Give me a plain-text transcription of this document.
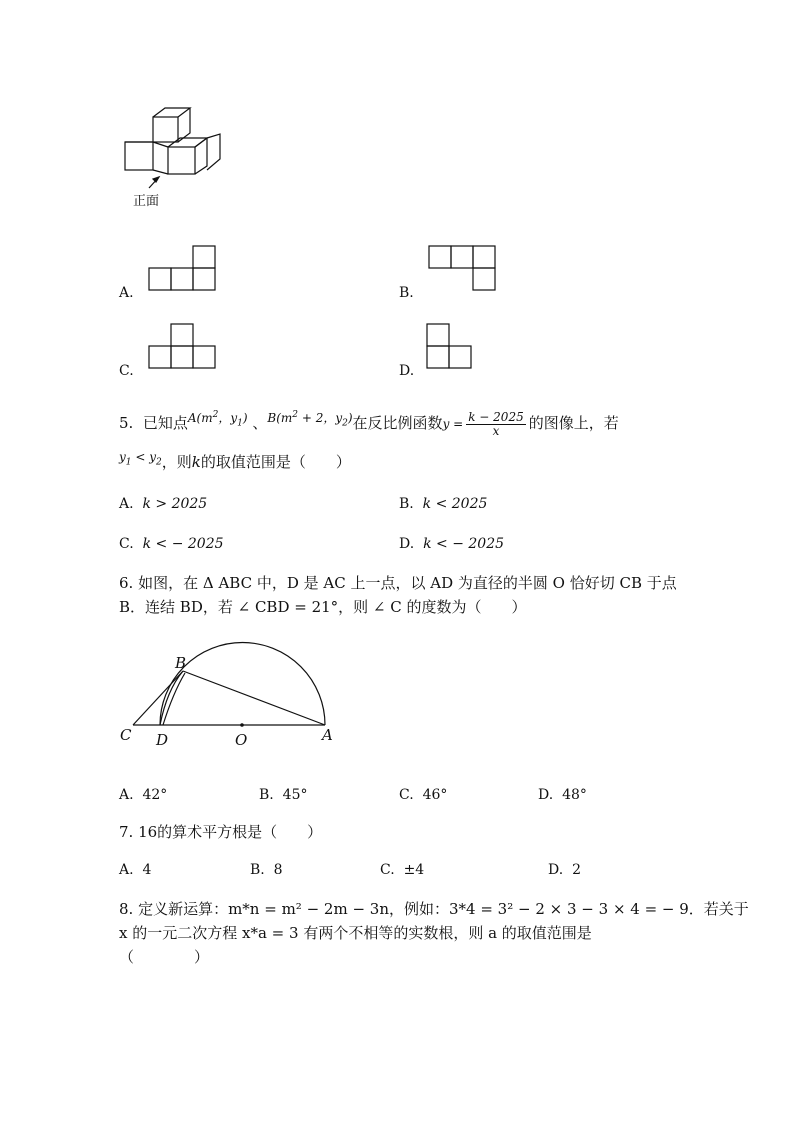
正面
A.	B.
C.	D.
5. 已知点$^{A(m^2,y_1)}$ 、$^{B(m^2 + 2,y_2)}$在反比例函数$y = \frac{k - 2025}{x}$ 的图像上，若
$^{y_1 < y_2}$，则k的取值范围是（　　）
A. k > 2025	B. k < 2025
C. k < − 2025	D. k < − 2025
6. 如图，在 Δ ABC 中，D 是 AC 上一点，以 AD 为直径的半圆 O 恰好切 CB 于点
B．连结 BD，若 ∠ CBD = 21°，则 ∠ C 的度数为（　　）
B
C D	O	A
A. 42°	B. 45°	C. 46°	D. 48°
7. 16的算术平方根是（　　）
A. 4	B. 8	C. ±4	D. 2
8. 定义新运算：m*n = m² − 2m − 3n，例如：3*4 = 3² − 2 × 3 − 3 × 4 = − 9．若关于
x 的一元二次方程 x*a = 3 有两个不相等的实数根，则 a 的取值范围是
（　　　　）
